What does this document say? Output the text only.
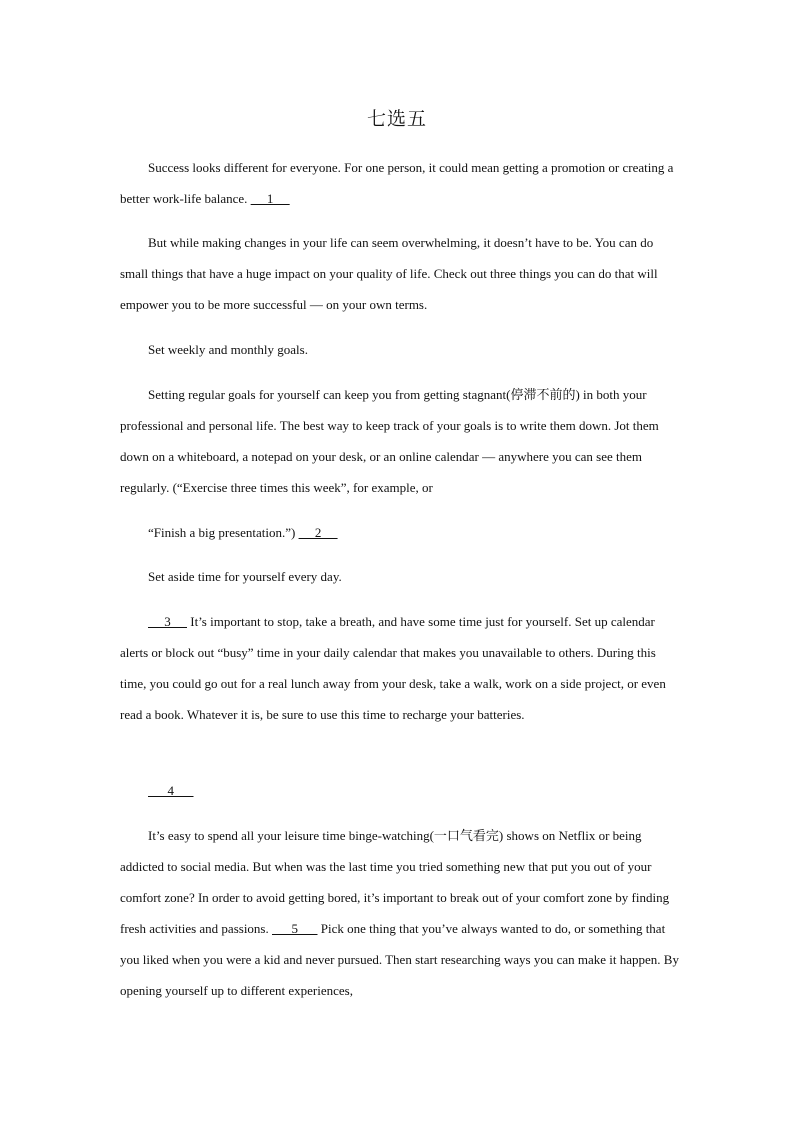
七选五

Success looks different for everyone. For one person, it could mean getting a promotion or creating a better work-life balance.      1

But while making changes in your life can seem overwhelming, it doesn’t have to be. You can do small things that have a huge impact on your quality of life. Check out three things you can do that will empower you to be more successful — on your own terms.

Set weekly and monthly goals.

Setting regular goals for yourself can keep you from getting stagnant(停滞不前的) in both your professional and personal life. The best way to keep track of your goals is to write them down. Jot them down on a whiteboard, a notepad on your desk, or an online calendar — anywhere you can see them regularly. (“Exercise three times this week”, for example, or

“Finish a big presentation.”)      2

Set aside time for yourself every day.

3      It’s important to stop, take a breath, and have some time just for yourself. Set up calendar alerts or block out “busy” time in your daily calendar that makes you unavailable to others. During this time, you could go out for a real lunch away from your desk, take a walk, work on a side project, or even read a book. Whatever it is, be sure to use this time to recharge your batteries.

4

It’s easy to spend all your leisure time binge-watching(一口气看完) shows on Netflix or being addicted to social media. But when was the last time you tried something new that put you out of your comfort zone? In order to avoid getting bored, it’s important to break out of your comfort zone by finding fresh activities and passions.       5       Pick one thing that you’ve always wanted to do, or something that you liked when you were a kid and never pursued. Then start researching ways you can make it happen. By opening yourself up to different experiences,
